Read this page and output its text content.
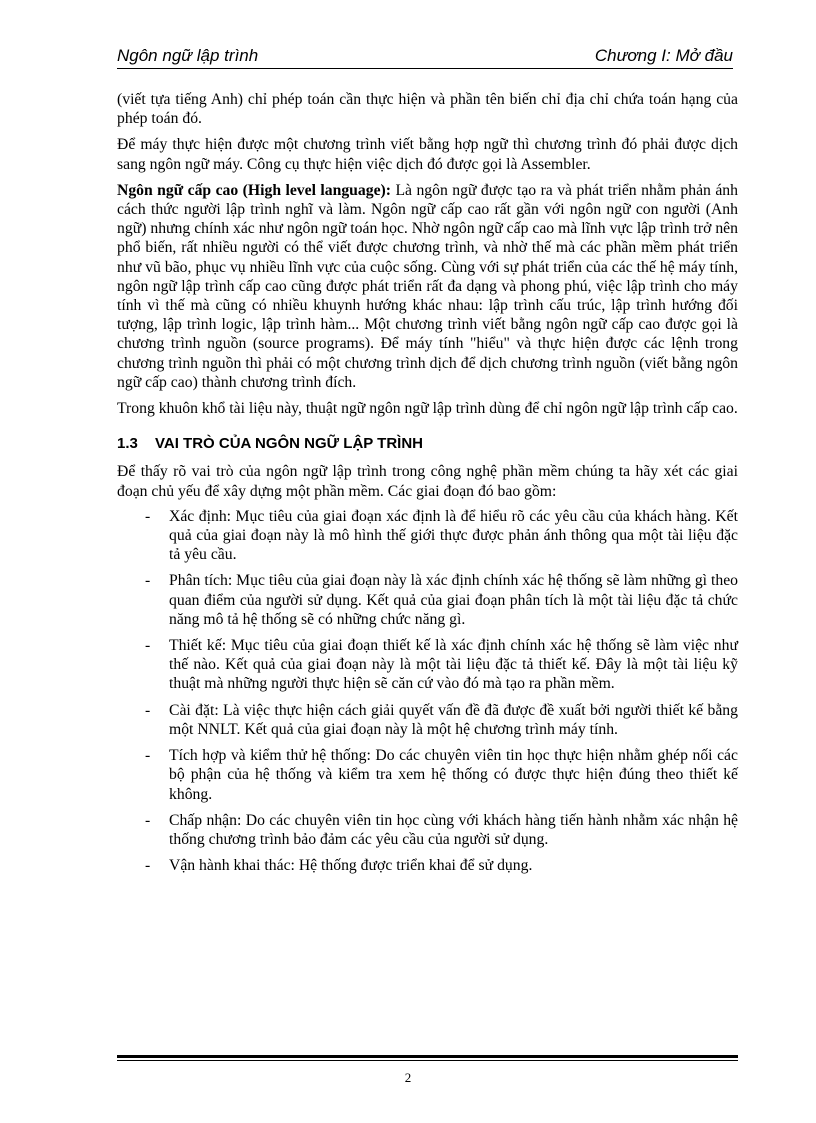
Ngôn ngữ lập trình	Chương I: Mở đầu

(viết tựa tiếng Anh) chỉ phép toán cần thực hiện và phần tên biến chỉ địa chỉ chứa toán hạng của phép toán đó.

Để máy thực hiện được một chương trình viết bằng hợp ngữ thì chương trình đó phải được dịch sang ngôn ngữ máy. Công cụ thực hiện việc dịch đó được gọi là Assembler.

Ngôn ngữ cấp cao (High level language): Là ngôn ngữ được tạo ra và phát triển nhằm phản ánh cách thức người lập trình nghĩ và làm. Ngôn ngữ cấp cao rất gần với ngôn ngữ con người (Anh ngữ) nhưng chính xác như ngôn ngữ toán học. Nhờ ngôn ngữ cấp cao mà lĩnh vực lập trình trở nên phổ biến, rất nhiều người có thể viết được chương trình, và nhờ thế mà các phần mềm phát triển như vũ bão, phục vụ nhiều lĩnh vực của cuộc sống. Cùng với sự phát triển của các thế hệ máy tính, ngôn ngữ lập trình cấp cao cũng được phát triển rất đa dạng và phong phú, việc lập trình cho máy tính vì thế mà cũng có nhiều khuynh hướng khác nhau: lập trình cấu trúc, lập trình hướng đối tượng, lập trình logic, lập trình hàm... Một chương trình viết bằng ngôn ngữ cấp cao được gọi là chương trình nguồn (source programs). Để máy tính "hiểu" và thực hiện được các lệnh trong chương trình nguồn thì phải có một chương trình dịch để dịch chương trình nguồn (viết bằng ngôn ngữ cấp cao) thành chương trình đích.

Trong khuôn khổ tài liệu này, thuật ngữ ngôn ngữ lập trình dùng để chỉ ngôn ngữ lập trình cấp cao.

1.3	VAI TRÒ CỦA NGÔN NGỮ LẬP TRÌNH

Để thấy rõ vai trò của ngôn ngữ lập trình trong công nghệ phần mềm chúng ta hãy xét các giai đoạn chủ yếu để xây dựng một phần mềm. Các giai đoạn đó bao gồm:

- Xác định: Mục tiêu của giai đoạn xác định là để hiểu rõ các yêu cầu của khách hàng. Kết quả của giai đoạn này là mô hình thế giới thực được phản ánh thông qua một tài liệu đặc tả yêu cầu.
- Phân tích: Mục tiêu của giai đoạn này là xác định chính xác hệ thống sẽ làm những gì theo quan điểm của người sử dụng. Kết quả của giai đoạn phân tích là một tài liệu đặc tả chức năng mô tả hệ thống sẽ có những chức năng gì.
- Thiết kế: Mục tiêu của giai đoạn thiết kế là xác định chính xác hệ thống sẽ làm việc như thế nào. Kết quả của giai đoạn này là một tài liệu đặc tả thiết kế. Đây là một tài liệu kỹ thuật mà những người thực hiện sẽ căn cứ vào đó mà tạo ra phần mềm.
- Cài đặt: Là việc thực hiện cách giải quyết vấn đề đã được đề xuất bởi người thiết kế bằng một NNLT. Kết quả của giai đoạn này là một hệ chương trình máy tính.
- Tích hợp và kiểm thử hệ thống: Do các chuyên viên tin học thực hiện nhằm ghép nối các bộ phận của hệ thống và kiểm tra xem hệ thống có được thực hiện đúng theo thiết kế không.
- Chấp nhận: Do các chuyên viên tin học cùng với khách hàng tiến hành nhằm xác nhận hệ thống chương trình bảo đảm các yêu cầu của người sử dụng.
- Vận hành khai thác: Hệ thống được triển khai để sử dụng.
2
